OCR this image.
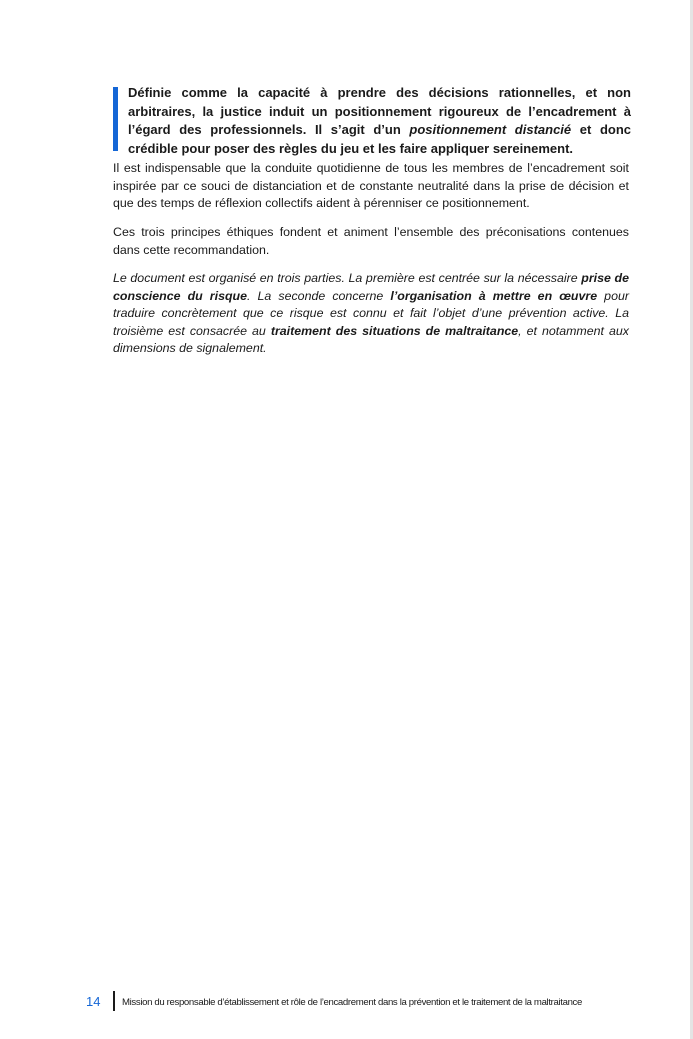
Définie comme la capacité à prendre des décisions rationnelles, et non arbitraires, la justice induit un positionnement rigoureux de l’encadrement à l’égard des professionnels. Il s’agit d’un positionnement distancié et donc crédible pour poser des règles du jeu et les faire appliquer sereinement.

Il est indispensable que la conduite quotidienne de tous les membres de l’encadrement soit inspirée par ce souci de distanciation et de constante neutralité dans la prise de décision et que des temps de réflexion collectifs aident à pérenniser ce positionnement.

Ces trois principes éthiques fondent et animent l’ensemble des préconisations contenues dans cette recommandation.

Le document est organisé en trois parties. La première est centrée sur la nécessaire prise de conscience du risque. La seconde concerne l’organisation à mettre en œuvre pour traduire concrètement que ce risque est connu et fait l’objet d’une prévention active. La troisième est consacrée au traitement des situations de maltraitance, et notamment aux dimensions de signalement.

14 Mission du responsable d’établissement et rôle de l’encadrement dans la prévention et le traitement de la maltraitance
